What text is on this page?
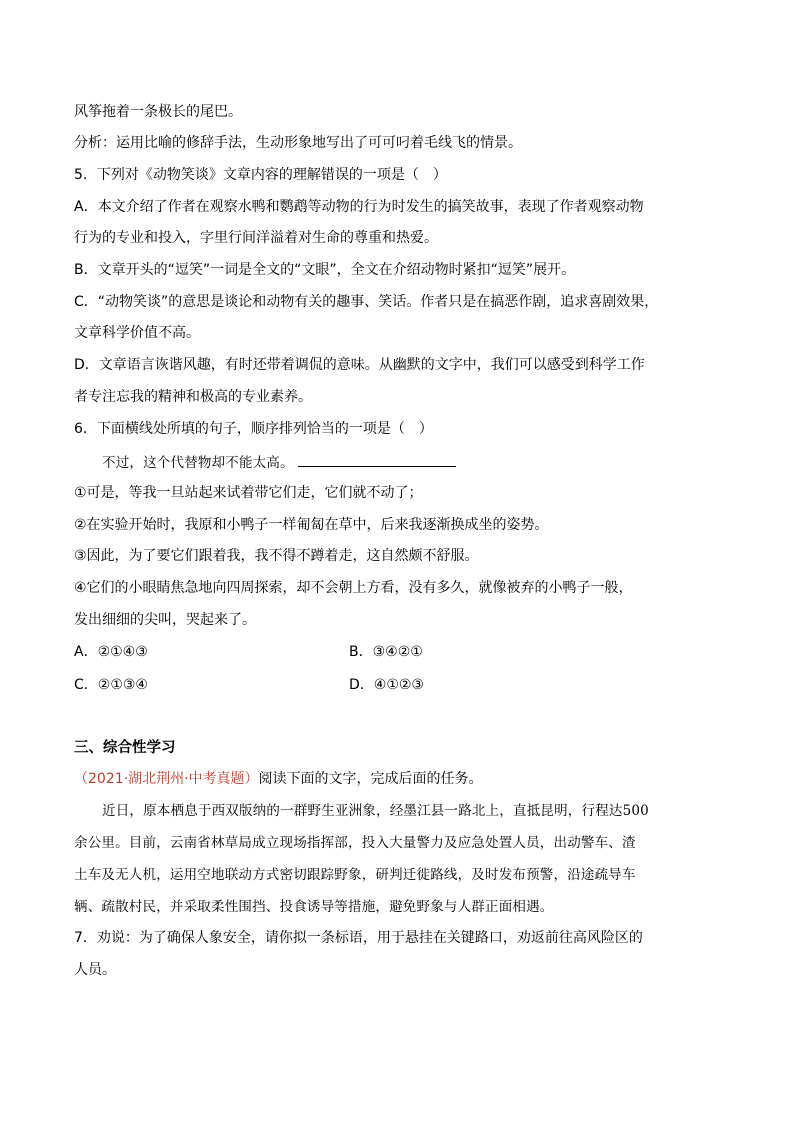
风筝拖着一条极长的尾巴。
分析：运用比喻的修辞手法，生动形象地写出了可可叼着毛线飞的情景。
5．下列对《动物笑谈》文章内容的理解错误的一项是（　）
A．本文介绍了作者在观察水鸭和鹦鹉等动物的行为时发生的搞笑故事，表现了作者观察动物
行为的专业和投入，字里行间洋溢着对生命的尊重和热爱。
B．文章开头的“逗笑”一词是全文的“文眼”，全文在介绍动物时紧扣“逗笑”展开。
C．“动物笑谈”的意思是谈论和动物有关的趣事、笑话。作者只是在搞恶作剧，追求喜剧效果，
文章科学价值不高。
D．文章语言诙谐风趣，有时还带着调侃的意味。从幽默的文字中，我们可以感受到科学工作
者专注忘我的精神和极高的专业素养。
6．下面横线处所填的句子，顺序排列恰当的一项是（　）
不过，这个代替物却不能太高。
①可是，等我一旦站起来试着带它们走，它们就不动了；
②在实验开始时，我原和小鸭子一样匍匐在草中，后来我逐渐换成坐的姿势。
③因此，为了要它们跟着我，我不得不蹲着走，这自然颇不舒服。
④它们的小眼睛焦急地向四周探索，却不会朝上方看，没有多久，就像被弃的小鸭子一般，
发出细细的尖叫，哭起来了。
A．②①④③	B．③④②①
C．②①③④	D．④①②③
三、综合性学习
（2021·湖北荆州·中考真题）阅读下面的文字，完成后面的任务。
近日，原本栖息于西双版纳的一群野生亚洲象，经墨江县一路北上，直抵昆明，行程达500
余公里。目前，云南省林草局成立现场指挥部，投入大量警力及应急处置人员，出动警车、渣
土车及无人机，运用空地联动方式密切跟踪野象，研判迁徙路线，及时发布预警，沿途疏导车
辆、疏散村民，并采取柔性围挡、投食诱导等措施，避免野象与人群正面相遇。
7．劝说：为了确保人象安全，请你拟一条标语，用于悬挂在关键路口，劝返前往高风险区的
人员。
